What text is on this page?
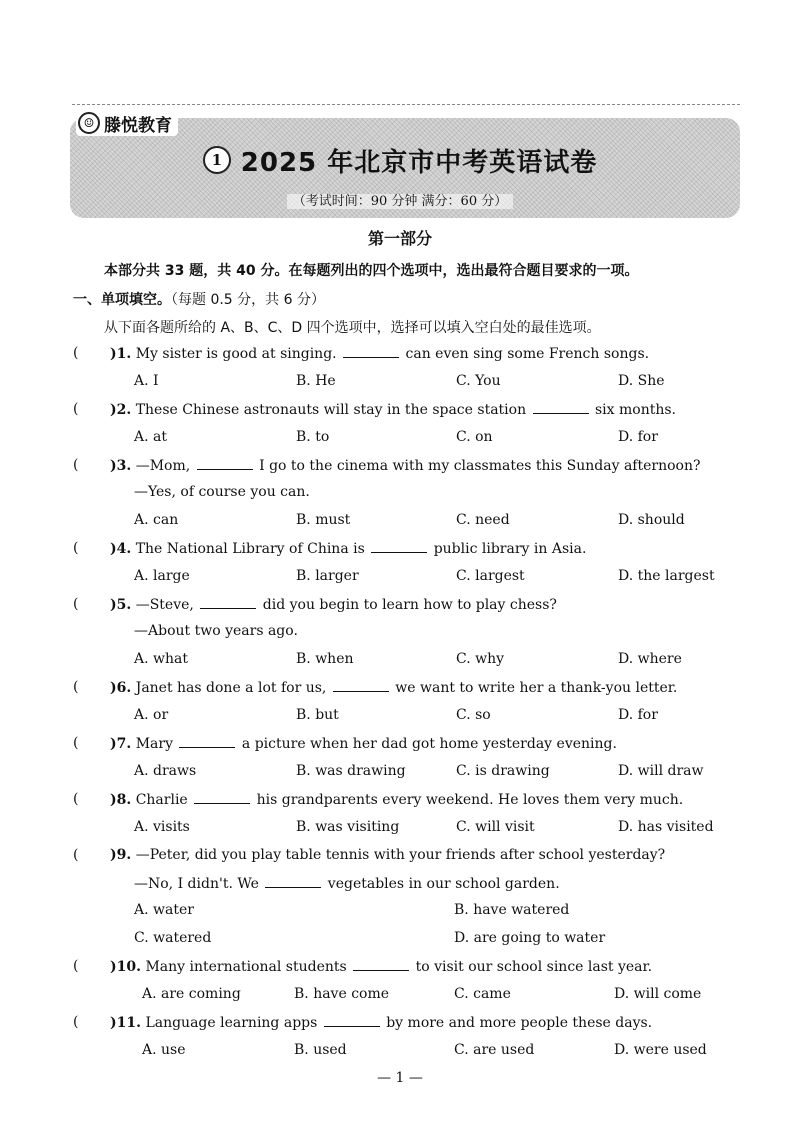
☺ 滕悦教育
1 2025 年北京市中考英语试卷
（考试时间：90 分钟 满分：60 分）
第一部分
本部分共 33 题，共 40 分。在每题列出的四个选项中，选出最符合题目要求的一项。
一、单项填空。（每题 0.5 分，共 6 分）
从下面各题所给的 A、B、C、D 四个选项中，选择可以填入空白处的最佳选项。
( )1. My sister is good at singing.	can even sing some French songs.
A. I	B. He	C. You	D. She
( )2. These Chinese astronauts will stay in the space station	six months.
A. at	B. to	C. on	D. for
( )3. —Mom,	I go to the cinema with my classmates this Sunday afternoon?
—Yes, of course you can.
A. can	B. must	C. need	D. should
( )4. The National Library of China is	public library in Asia.
A. large	B. larger	C. largest	D. the largest
( )5. —Steve,	did you begin to learn how to play chess?
—About two years ago.
A. what	B. when	C. why	D. where
( )6. Janet has done a lot for us,	we want to write her a thank-you letter.
A. or	B. but	C. so	D. for
( )7. Mary	a picture when her dad got home yesterday evening.
A. draws	B. was drawing	C. is drawing	D. will draw
( )8. Charlie	his grandparents every weekend. He loves them very much.
A. visits	B. was visiting	C. will visit	D. has visited
( )9. —Peter, did you play table tennis with your friends after school yesterday?
—No, I didn't. We	vegetables in our school garden.
A. water	B. have watered
C. watered	D. are going to water
( )10. Many international students	to visit our school since last year.
A. are coming	B. have come	C. came	D. will come
( )11. Language learning apps	by more and more people these days.
A. use	B. used	C. are used	D. were used
— 1 —
